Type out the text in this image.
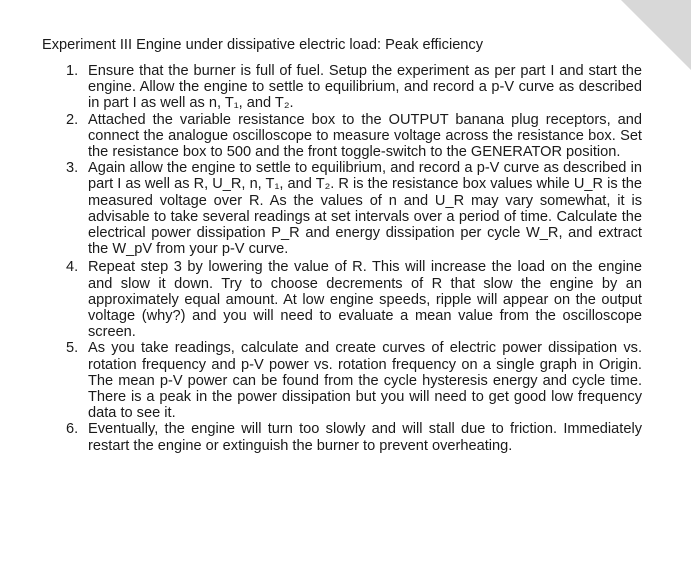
Experiment III Engine under dissipative electric load: Peak efficiency
1. Ensure that the burner is full of fuel. Setup the experiment as per part I and start the engine. Allow the engine to settle to equilibrium, and record a p-V curve as described in part I as well as n, T₁, and T₂.
2. Attached the variable resistance box to the OUTPUT banana plug receptors, and connect the analogue oscilloscope to measure voltage across the resistance box. Set the resistance box to 500 and the front toggle-switch to the GENERATOR position.
3. Again allow the engine to settle to equilibrium, and record a p-V curve as described in part I as well as R, U_R, n, T₁, and T₂. R is the resistance box values while U_R is the measured voltage over R. As the values of n and U_R may vary somewhat, it is advisable to take several readings at set intervals over a period of time. Calculate the electrical power dissipation P_R and energy dissipation per cycle W_R, and extract the W_pV from your p-V curve.
4. Repeat step 3 by lowering the value of R. This will increase the load on the engine and slow it down. Try to choose decrements of R that slow the engine by an approximately equal amount. At low engine speeds, ripple will appear on the output voltage (why?) and you will need to evaluate a mean value from the oscilloscope screen.
5. As you take readings, calculate and create curves of electric power dissipation vs. rotation frequency and p-V power vs. rotation frequency on a single graph in Origin. The mean p-V power can be found from the cycle hysteresis energy and cycle time. There is a peak in the power dissipation but you will need to get good low frequency data to see it.
6. Eventually, the engine will turn too slowly and will stall due to friction. Immediately restart the engine or extinguish the burner to prevent overheating.
